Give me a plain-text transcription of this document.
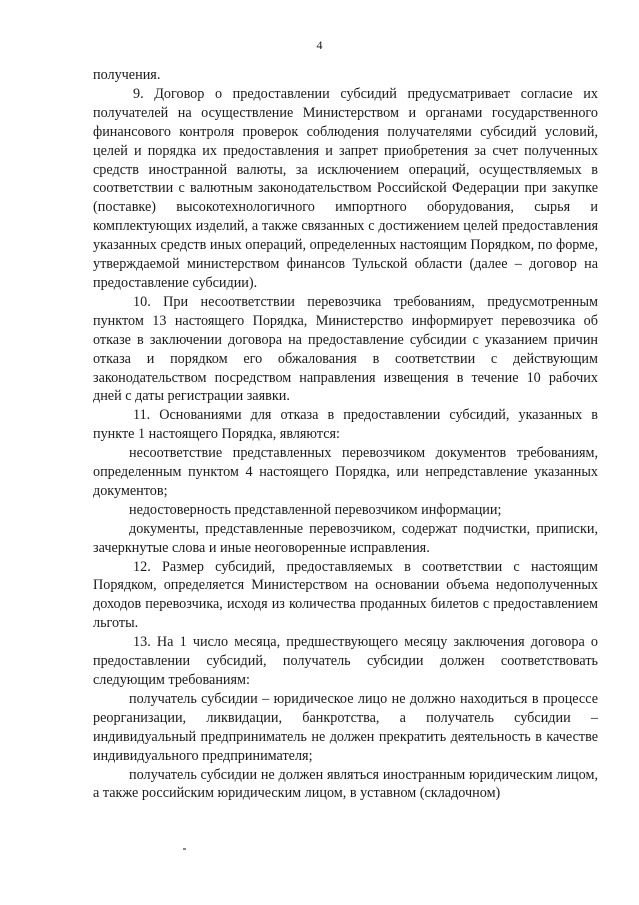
4

получения.

9. Договор о предоставлении субсидий предусматривает согласие их получателей на осуществление Министерством и органами государственного финансового контроля проверок соблюдения получателями субсидий условий, целей и порядка их предоставления и запрет приобретения за счет полученных средств иностранной валюты, за исключением операций, осуществляемых в соответствии с валютным законодательством Российской Федерации при закупке (поставке) высокотехнологичного импортного оборудования, сырья и комплектующих изделий, а также связанных с достижением целей предоставления указанных средств иных операций, определенных настоящим Порядком, по форме, утверждаемой министерством финансов Тульской области (далее – договор на предоставление субсидии).

10. При несоответствии перевозчика требованиям, предусмотренным пунктом 13 настоящего Порядка, Министерство информирует перевозчика об отказе в заключении договора на предоставление субсидии с указанием причин отказа и порядком его обжалования в соответствии с действующим законодательством посредством направления извещения в течение 10 рабочих дней с даты регистрации заявки.

11. Основаниями для отказа в предоставлении субсидий, указанных в пункте 1 настоящего Порядка, являются:

несоответствие представленных перевозчиком документов требованиям, определенным пунктом 4 настоящего Порядка, или непредставление указанных документов;

недостоверность представленной перевозчиком информации;

документы, представленные перевозчиком, содержат подчистки, приписки, зачеркнутые слова и иные неоговоренные исправления.

12. Размер субсидий, предоставляемых в соответствии с настоящим Порядком, определяется Министерством на основании объема недополученных доходов перевозчика, исходя из количества проданных билетов с предоставлением льготы.

13. На 1 число месяца, предшествующего месяцу заключения договора о предоставлении субсидий, получатель субсидии должен соответствовать следующим требованиям:

получатель субсидии – юридическое лицо не должно находиться в процессе реорганизации, ликвидации, банкротства, а получатель субсидии – индивидуальный предприниматель не должен прекратить деятельность в качестве индивидуального предпринимателя;

получатель субсидии не должен являться иностранным юридическим лицом, а также российским юридическим лицом, в уставном (складочном)
